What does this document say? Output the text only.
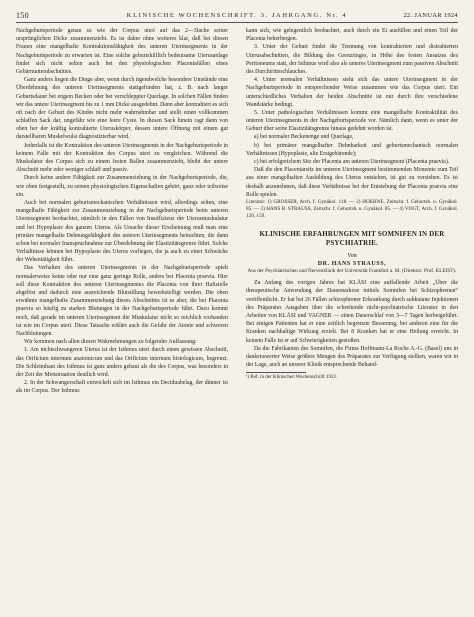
150	KLINISCHE WOCHENSCHRIFT. 3. JAHRGANG. Nr. 4	22. JANUAR 1924

Nachgeburtsperiode genau so wie der Corpus uteri auf das 2—3fache seiner ursprünglichen Dicke zusammenzieht. Es ist daher ohne weiteres klar, daß bei diesen Frauen eine mangelhafte Kontraktionsfähigkeit des unteren Uterinsegments in der Nachgeburtsperiode zu erwarten ist. Eine solche geburtshilflich bedeutsame Uterusanlage findet sich nicht selten auch bei den physiologischen Placentafällen eines Gebärmutterabschnittes.

Ganz anders liegen die Dinge aber, wenn durch irgendwelche besondere Umstände eine Überdehnung des unteren Uterinsegments stattgefunden hat, z. B. nach langer Geburtsdauer bei engem Becken oder bei verschleppter Querlage. In solchen Fällen finden wir das untere Uterinsegment bis zu 1 mm Dicke ausgedehnt. Dann aber kontrahiert es sich oft nach der Geburt des Kindes nicht mehr wahrnehmbar und stellt einen vollkommen schlaffen Sack dar, ungefähr wie eine leere Cyste. In diesen Sack hinein ragt dann von oben her der kräftig kontrahierte Uteruskörper, dessen untere Öffnung mit einem gut darstellbaren Muskelwulst diagnostizierbar wird.

Jedenfalls ist die Kontraktion des unteren Uterinsegments in der Nachgeburtsperiode in keinem Falle mit der Kontraktion des Corpus uteri zu vergleichen. Während die Muskulatur des Corpus sich zu einem festen Ballen zusammenzieht, bleibt der untere Abschnitt mehr oder weniger schlaff und passiv.

Durch keine andere Fähigkeit zur Zusammenziehung in der Nachgeburtsperiode, die, wie oben festgestellt, zu seinen physiologischen Eigenschaften gehört, ganz oder teilweise ein.

Auch bei normalen geburtsmechanischen Verhältnissen wird, allerdings selten, eine mangelhafte Fähigkeit zur Zusammenziehung in der Nachgeburtsperiode beim unteren Uterinsegment beobachtet, nämlich in den Fällen von Insuffizienz der Uterusmuskulatur und bei Hypoplasie des ganzen Uterus. Als Ursache dieser Erscheinung muß man eine primäre mangelhafte Dehnungsfähigkeit des unteren Uterinsegments betrachten, die dann schon bei normaler Inanspruchnahme zur Überdehnung der Elastizitätsgrenze führt. Solche Verhältnisse können bei Hypoplasie des Uterus vorliegen, die ja auch zu einer Schwäche der Wehentätigkeit führt.

Das Verhalten des unteren Uterinsegments in der Nachgeburtsperiode spielt normalerweise keine oder nur eine ganz geringe Rolle, anders bei Placenta praevia. Hier soll diese Kontraktion des unteren Uterinsegmentes die Placenta von ihrer Haftstelle abgelöst und dadurch eine ausreichende Blutstillung bewerkstelligt werden. Die oben erwähnte mangelhafte Zusammenziehung dieses Abschnittes ist es aber, die bei Placenta praevia so häufig zu starken Blutungen in der Nachgeburtsperiode führt. Dazu kommt noch, daß gerade im unteren Uterinsegment die Muskulatur nicht so reichlich vorhanden ist wie im Corpus uteri. Diese Tatsache erklärt auch die Gefahr der Atonie und schweren Nachblutungen.

Wir kommen nach allen diesen Wahrnehmungen zu folgender Auffassung:

1. Am nichtschwangeren Uterus ist der Isthmus uteri durch einen gewissen Abschnitt, das Orificium internum anatomicum und das Orificium internum histologicum, begrenzt. Die Schleimhaut des Isthmus ist ganz anders gebaut als die des Corpus, was besonders in der Zeit der Menstruation deutlich wird.

2. In der Schwangerschaft entwickelt sich im Isthmus ein Deciduabelag, der dünner ist als im Corpus. Der Isthmus

kann sich, wie gelegentlich beobachtet, auch durch ein Ei ausfüllen und einen Teil der Placenta beherbergen.

3. Unter der Geburt findet die Trennung von kontrahierten und distrahierten Uterusabschnitten, die Bildung des Grenzringes, in Höhe des festen Ansatzes des Peritoneums statt, der Isthmus wird also als unteres Uterinsegment zum passiven Abschnitt des Durchtrittsschlauches.

4. Unter normalen Verhältnissen sieht sich das untere Uterinsegment in der Nachgeburtsperiode in entsprechender Weise zusammen wie das Corpus uteri. Ein unterschiedliches Verhalten der beiden Abschnitte ist nur durch ihre verschiedene Wandstärke bedingt.

5. Unter pathologischen Verhältnissen kommt eine mangelhafte Kontraktilität des unteren Uterinsegments in der Nachgeburtsperiode vor. Nämlich dann, wenn es unter der Geburt über seine Elastizitätsgrenze hinaus gedehnt worden ist.

a) bei normaler Beckenenge und Querlage,

b) bei primärer mangelhafter Dehnbarkeit und geburtsmechanisch normalen Verhältnissen (Hypoplasie, alte Erstgebärende);

c) bei erfolgreichem Sitz der Placenta am unteren Uterinsegment (Placenta praevia).

Daß die den Placentarsitz im unteren Uterinsegment bestimmenden Momente zum Teil aus einer mangelhaften Ausbildung des Uterus entstehen, ist gut zu verstehen. Es ist deshalb anzunehmen, daß diese Verhältnisse bei der Entstehung der Placenta praevia eine Rolle spielen.

Literatur: 1) GROSSER, Arch. f. Gynäkol. 118. — 2) HOEHNE, Zeitschr. f. Geburtsh. u. Gynäkol. 85. — 3) HANS R. STRAUSS, Zeitschr. f. Geburtsh. u. Gynäkol. 85. — 4) VOGT, Arch. f. Gynäkol. 120, 159.

KLINISCHE ERFAHRUNGEN MIT SOMNIFEN IN DER PSYCHIATRIE.
Von
DR. HANS STRAUSS,
Aus der Psychiatrischen und Nervenklinik der Universität Frankfurt a. M. (Direktor: Prof. KLEIST).

Zu Anfang des vorigen Jahres hat KLÄSI eine auffallende Arbeit „Über die therapeutische Anwendung der Dauernarkose mittels Somnifen bei Schizophrenen“ veröffentlicht. Er hat bei 26 Fällen schizophrener Erkrankung durch subkutane Injektionen des Präparates Ausgaben über die schreitende nicht-psychiatrische Literatur in den Arbeiten von KLÄSI und VAGNER — einen Dauerschlaf von 3—7 Tagen herbeigeführt. Bei einigen Patienten hat er eine zeitlich begrenzte Besserung, bei anderen eine für die Kranken nachhaltige Wirkung erzielt. Bei 8 Kranken hat er eine Heilung erreicht. In keinem Falle ist er auf Schwierigkeiten gestoßen.

Da die Fabrikanten des Somnifen, die Firma Hoffmann-La Roche A.-G. (Basel) uns in dankenswerter Weise größere Mengen des Präparates zur Verfügung stellten, waren wir in der Lage, auch an unserer Klinik entsprechende Behand-

¹) Ref. in der Klinischen Wochenschrift 1922.
